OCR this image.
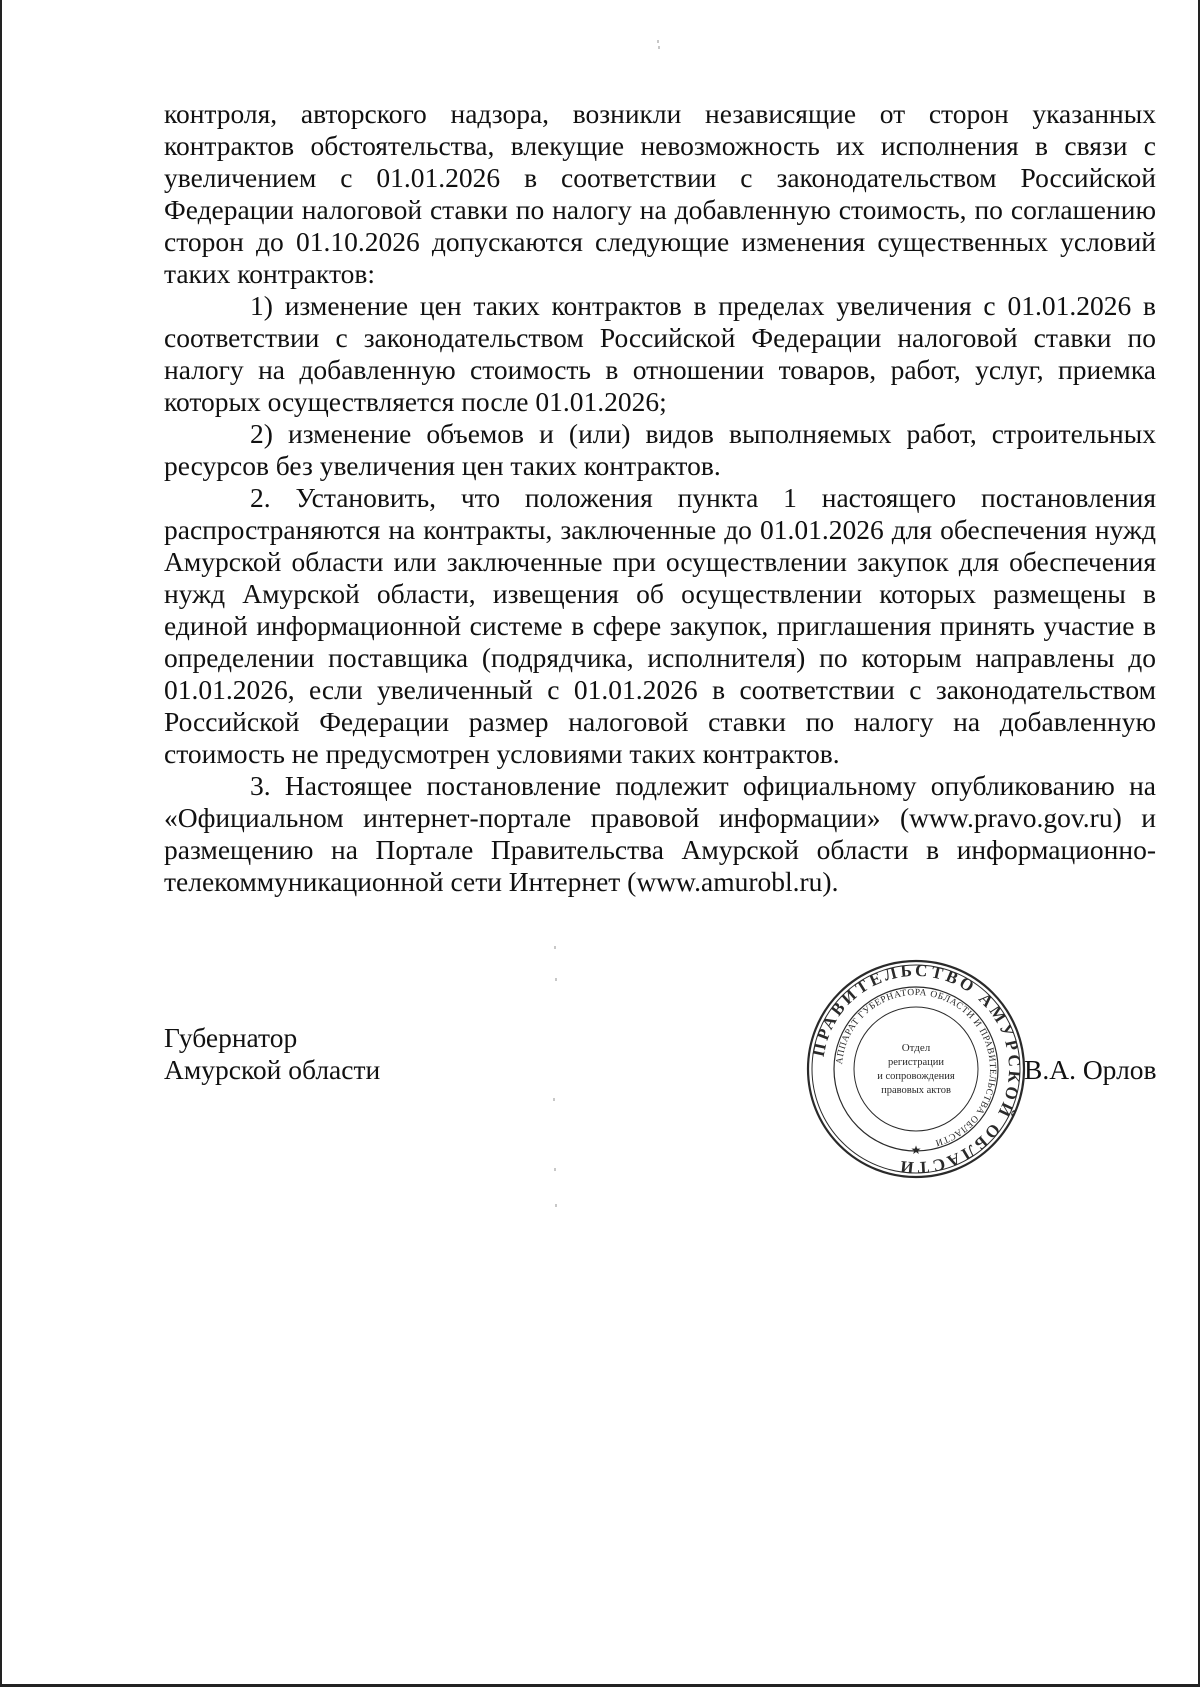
контроля, авторского надзора, возникли независящие от сторон указанных контрактов обстоятельства, влекущие невозможность их исполнения в связи с увеличением с 01.01.2026 в соответствии с законодательством Российской Федерации налоговой ставки по налогу на добавленную стоимость, по соглашению сторон до 01.10.2026 допускаются следующие изменения существенных условий таких контрактов:

1) изменение цен таких контрактов в пределах увеличения с 01.01.2026 в соответствии с законодательством Российской Федерации налоговой ставки по налогу на добавленную стоимость в отношении товаров, работ, услуг, приемка которых осуществляется после 01.01.2026;

2) изменение объемов и (или) видов выполняемых работ, строительных ресурсов без увеличения цен таких контрактов.

2. Установить, что положения пункта 1 настоящего постановления распространяются на контракты, заключенные до 01.01.2026 для обеспечения нужд Амурской области или заключенные при осуществлении закупок для обеспечения нужд Амурской области, извещения об осуществлении которых размещены в единой информационной системе в сфере закупок, приглашения принять участие в определении поставщика (подрядчика, исполнителя) по которым направлены до 01.01.2026, если увеличенный с 01.01.2026 в соответствии с законодательством Российской Федерации размер налоговой ставки по налогу на добавленную стоимость не предусмотрен условиями таких контрактов.

3. Настоящее постановление подлежит официальному опубликованию на «Официальном интернет-портале правовой информации» (www.pravo.gov.ru) и размещению на Портале Правительства Амурской области в информационно-телекоммуникационной сети Интернет (www.amurobl.ru).

Губернатор
Амурской области	В.А. Орлов
ПРАВИТЕЛЬСТВО АМУРСКОЙ ОБЛАСТИ
АППАРАТ ГУБЕРНАТОРА ОБЛАСТИ И ПРАВИТЕЛЬСТВА ОБЛАСТИ
Отдел
регистрации
и сопровождения
правовых актов
★
